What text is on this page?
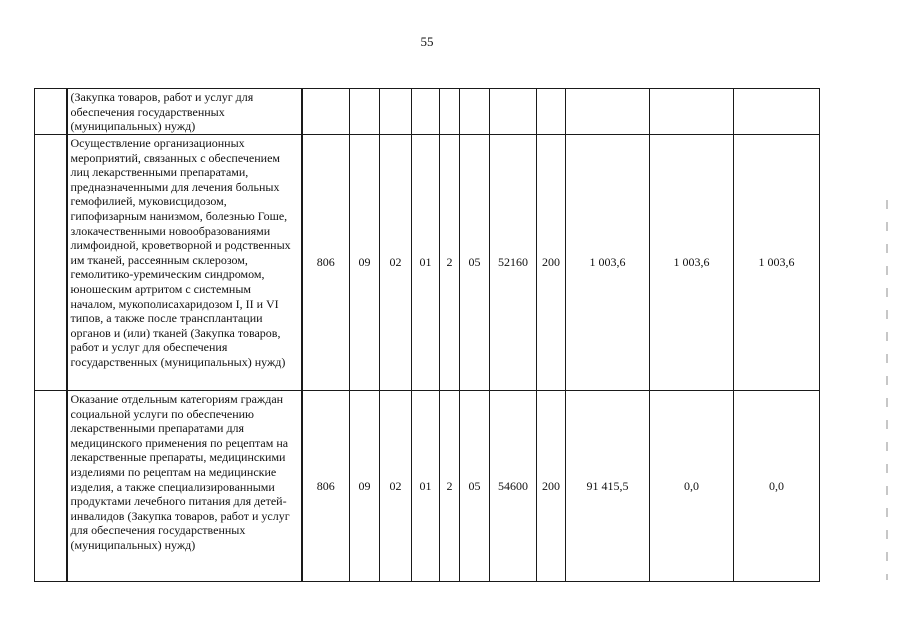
55
	(Закупка товаров, работ и услуг для обеспечения государственных (муниципальных) нужд)											
	Осуществление организационных мероприятий, связанных с обеспечением лиц лекарственными препаратами, предназначенными для лечения больных гемофилией, муковисцидозом, гипофизарным нанизмом, болезнью Гоше, злокачественными новообразованиями лимфоидной, кроветворной и родственных им тканей, рассеянным склерозом, гемолитико-уремическим синдромом, юношеским артритом с системным началом, мукополисахаридозом I, II и VI типов, а также после трансплантации органов и (или) тканей (Закупка товаров, работ и услуг для обеспечения государственных (муниципальных) нужд)	806	09	02	01	2	05	52160	200	1 003,6	1 003,6	1 003,6
	Оказание отдельным категориям граждан социальной услуги по обеспечению лекарственными препаратами для медицинского применения по рецептам на лекарственные препараты, медицинскими изделиями по рецептам на медицинские изделия, а также специализированными продуктами лечебного питания для детей-инвалидов (Закупка товаров, работ и услуг для обеспечения государственных (муниципальных) нужд)	806	09	02	01	2	05	54600	200	91 415,5	0,0	0,0
